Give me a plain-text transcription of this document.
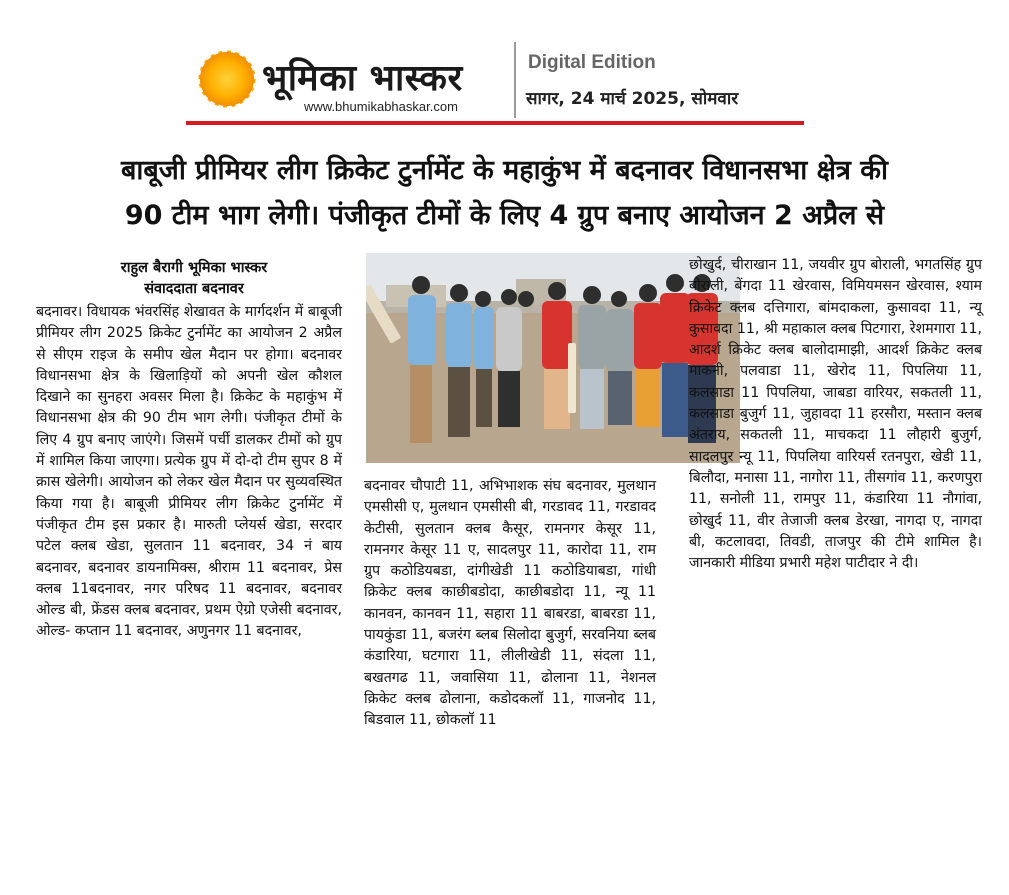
भूमिका भास्कर
www.bhumikabhaskar.com
Digital Edition
सागर, 24 मार्च 2025, सोमवार
बाबूजी प्रीमियर लीग क्रिकेट टुर्नामेंट के महाकुंभ में बदनावर विधानसभा क्षेत्र की
90 टीम भाग लेगी। पंजीकृत टीमों के लिए 4 ग्रुप बनाए आयोजन 2 अप्रैल से
राहुल बैरागी भूमिका भास्कर
संवाददाता बदनावर
बदनावर। विधायक भंवरसिंह शेखावत के मार्गदर्शन में बाबूजी प्रीमियर लीग 2025 क्रिकेट टुर्नामेंट का आयोजन 2 अप्रैल से सीएम राइज के समीप खेल मैदान पर होगा। बदनावर विधानसभा क्षेत्र के खिलाड़ियों को अपनी खेल कौशल दिखाने का सुनहरा अवसर मिला है। क्रिकेट के महाकुंभ में विधानसभा क्षेत्र की 90 टीम भाग लेगी। पंजीकृत टीमों के लिए 4 ग्रुप बनाए जाएंगे। जिसमें पर्ची डालकर टीमों को ग्रुप में शामिल किया जाएगा। प्रत्येक ग्रुप में दो-दो टीम सुपर 8 में क्रास खेलेगी। आयोजन को लेकर खेल मैदान पर सुव्यवस्थित किया गया है। बाबूजी प्रीमियर लीग क्रिकेट टुर्नामेंट में पंजीकृत टीम इस प्रकार है। मारुती प्लेयर्स खेडा, सरदार पटेल क्लब खेडा, सुलतान 11 बदनावर, 34 नं बाय बदनावर, बदनावर डायनामिक्स, श्रीराम 11 बदनावर, प्रेस क्लब 11बदनावर, नगर परिषद 11 बदनावर, बदनावर ओल्ड बी, फ्रेंडस क्लब बदनावर, प्रथम ऐग्रो एजेसी बदनावर, ओल्ड- कप्तान 11 बदनावर, अणुनगर 11 बदनावर,
बदनावर चौपाटी 11, अभिभाशक संघ बदनावर, मुलथान एमसीसी ए, मुलथान एमसीसी बी, गरडावद 11, गरडावद केटीसी, सुलतान क्लब कैसूर, रामनगर केसूर 11, रामनगर केसूर 11 ए, सादलपुर 11, कारोदा 11, राम ग्रुप कठोडियबडा, दांगीखेडी 11 कठोडियाबडा, गांधी क्रिकेट क्लब काछीबडोदा, काछीबडोदा 11, न्यू 11 कानवन, कानवन 11, सहारा 11 बाबरडा, बाबरडा 11, पायकुंडा 11, बजरंग ब्लब सिलोदा बुजुर्ग, सरवनिया ब्लब कंडारिया, घटगारा 11, लीलीखेडी 11, संदला 11, बखतगढ 11, जवासिया 11, ढोलाना 11, नेशनल क्रिकेट क्लब ढोलाना, कडोदकलॉ 11, गाजनोद 11, बिडवाल 11, छोकलॉ 11
छोखुर्द, चीराखान 11, जयवीर ग्रुप बोराली, भगतसिंह ग्रुप बोराली, बेंगदा 11 खेरवास, विमियमसन खेरवास, श्याम क्रिकेट क्लब दत्तिगारा, बांमदाकला, कुसावदा 11, न्यू कुसावदा 11, श्री महाकाल क्लब पिटगारा, रेशमगारा 11, आदर्श क्रिकेट क्लब बालोदामाझी, आदर्श क्रिकेट क्लब माकनी, पलवाडा 11, खेरोद 11, पिपलिया 11, कलसाडा 11 पिपलिया, जाबडा वारियर, सकतली 11, कलसाडा बुजुर्ग 11, जुहावदा 11 हरसौरा, मस्तान क्लब अंतराय, सकतली 11, माचकदा 11 लौहारी बुजुर्ग, सादलपुर न्यू 11, पिपलिया वारियर्स रतनपुरा, खेडी 11, बिलौदा, मनासा 11, नागोरा 11, तीसगांव 11, करणपुरा 11, सनोली 11, रामपुर 11, कंडारिया 11 नौगांवा, छोखुर्द 11, वीर तेजाजी क्लब डेरखा, नागदा ए, नागदा बी, कटलावदा, तिवडी, ताजपुर की टीमे शामिल है। जानकारी मीडिया प्रभारी महेश पाटीदार ने दी।
